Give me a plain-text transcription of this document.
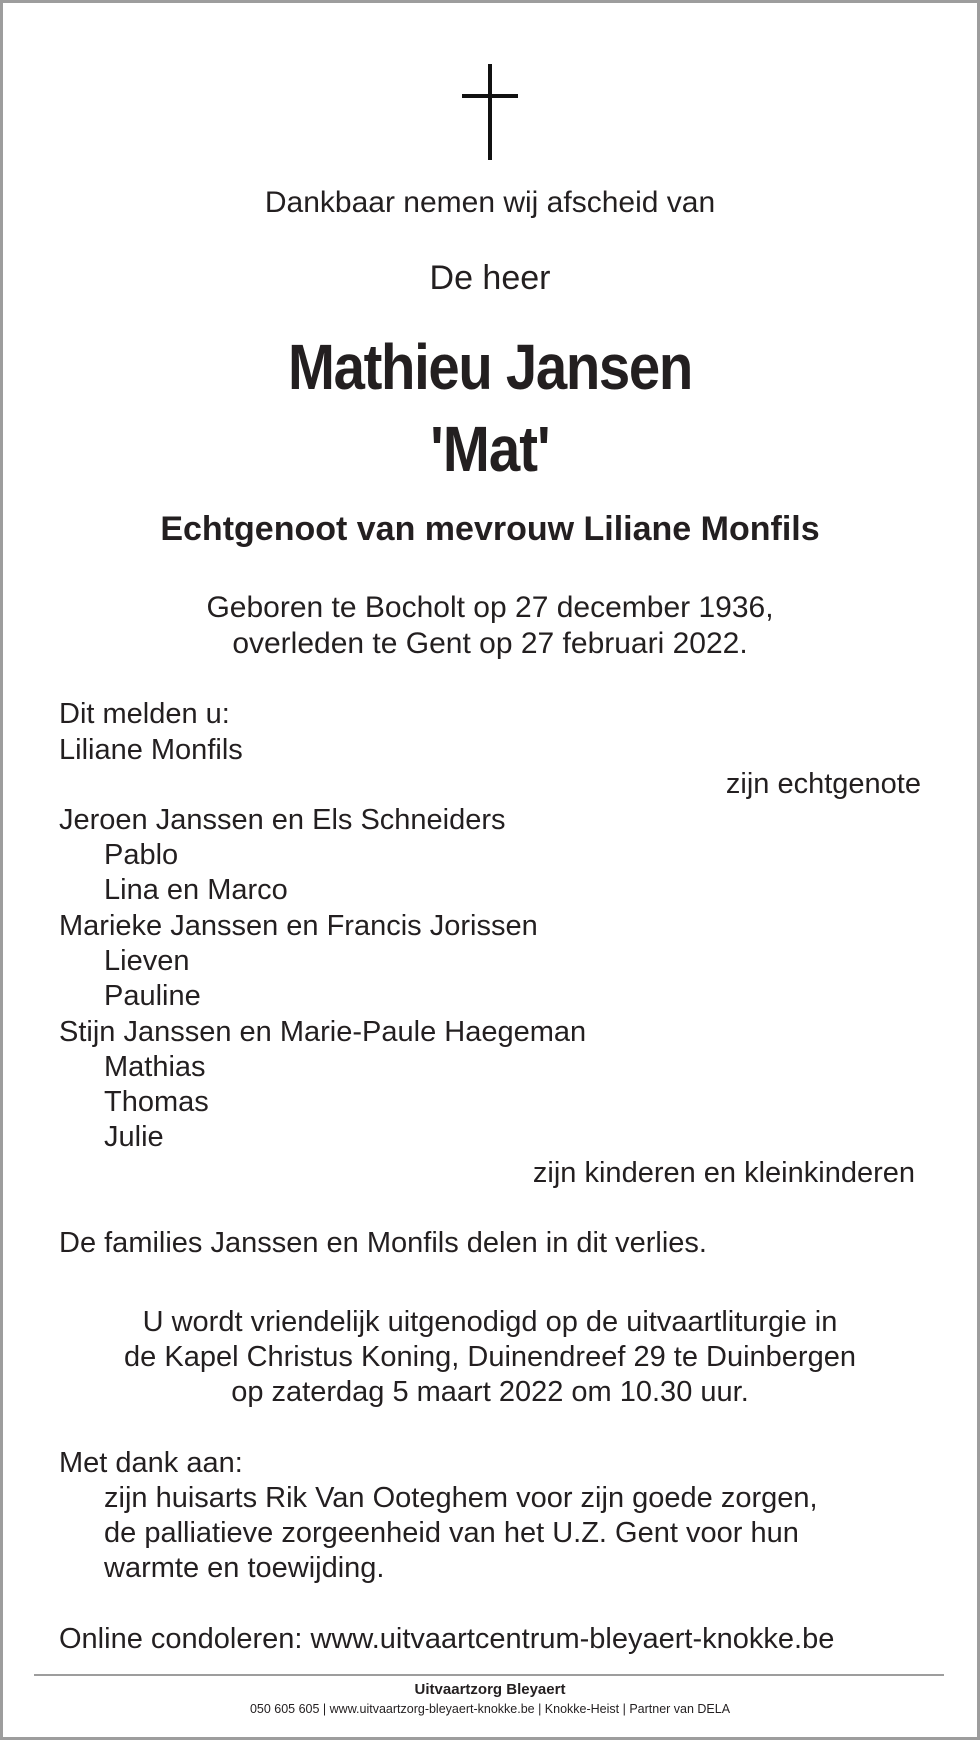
Dankbaar nemen wij afscheid van
De heer
Mathieu Jansen
'Mat'
Echtgenoot van mevrouw Liliane Monfils
Geboren te Bocholt op 27 december 1936,
overleden te Gent op 27 februari 2022.
Dit melden u:
Liliane Monfils
zijn echtgenote
Jeroen Janssen en Els Schneiders
Pablo
Lina en Marco
Marieke Janssen en Francis Jorissen
Lieven
Pauline
Stijn Janssen en Marie-Paule Haegeman
Mathias
Thomas
Julie
zijn kinderen en kleinkinderen
De families Janssen en Monfils delen in dit verlies.
U wordt vriendelijk uitgenodigd op de uitvaartliturgie in
de Kapel Christus Koning, Duinendreef 29 te Duinbergen
op zaterdag 5 maart 2022 om 10.30 uur.
Met dank aan:
zijn huisarts Rik Van Ooteghem voor zijn goede zorgen,
de palliatieve zorgeenheid van het U.Z. Gent voor hun
warmte en toewijding.
Online condoleren: www.uitvaartcentrum-bleyaert-knokke.be
Uitvaartzorg Bleyaert
050 605 605 | www.uitvaartzorg-bleyaert-knokke.be | Knokke-Heist | Partner van DELA
